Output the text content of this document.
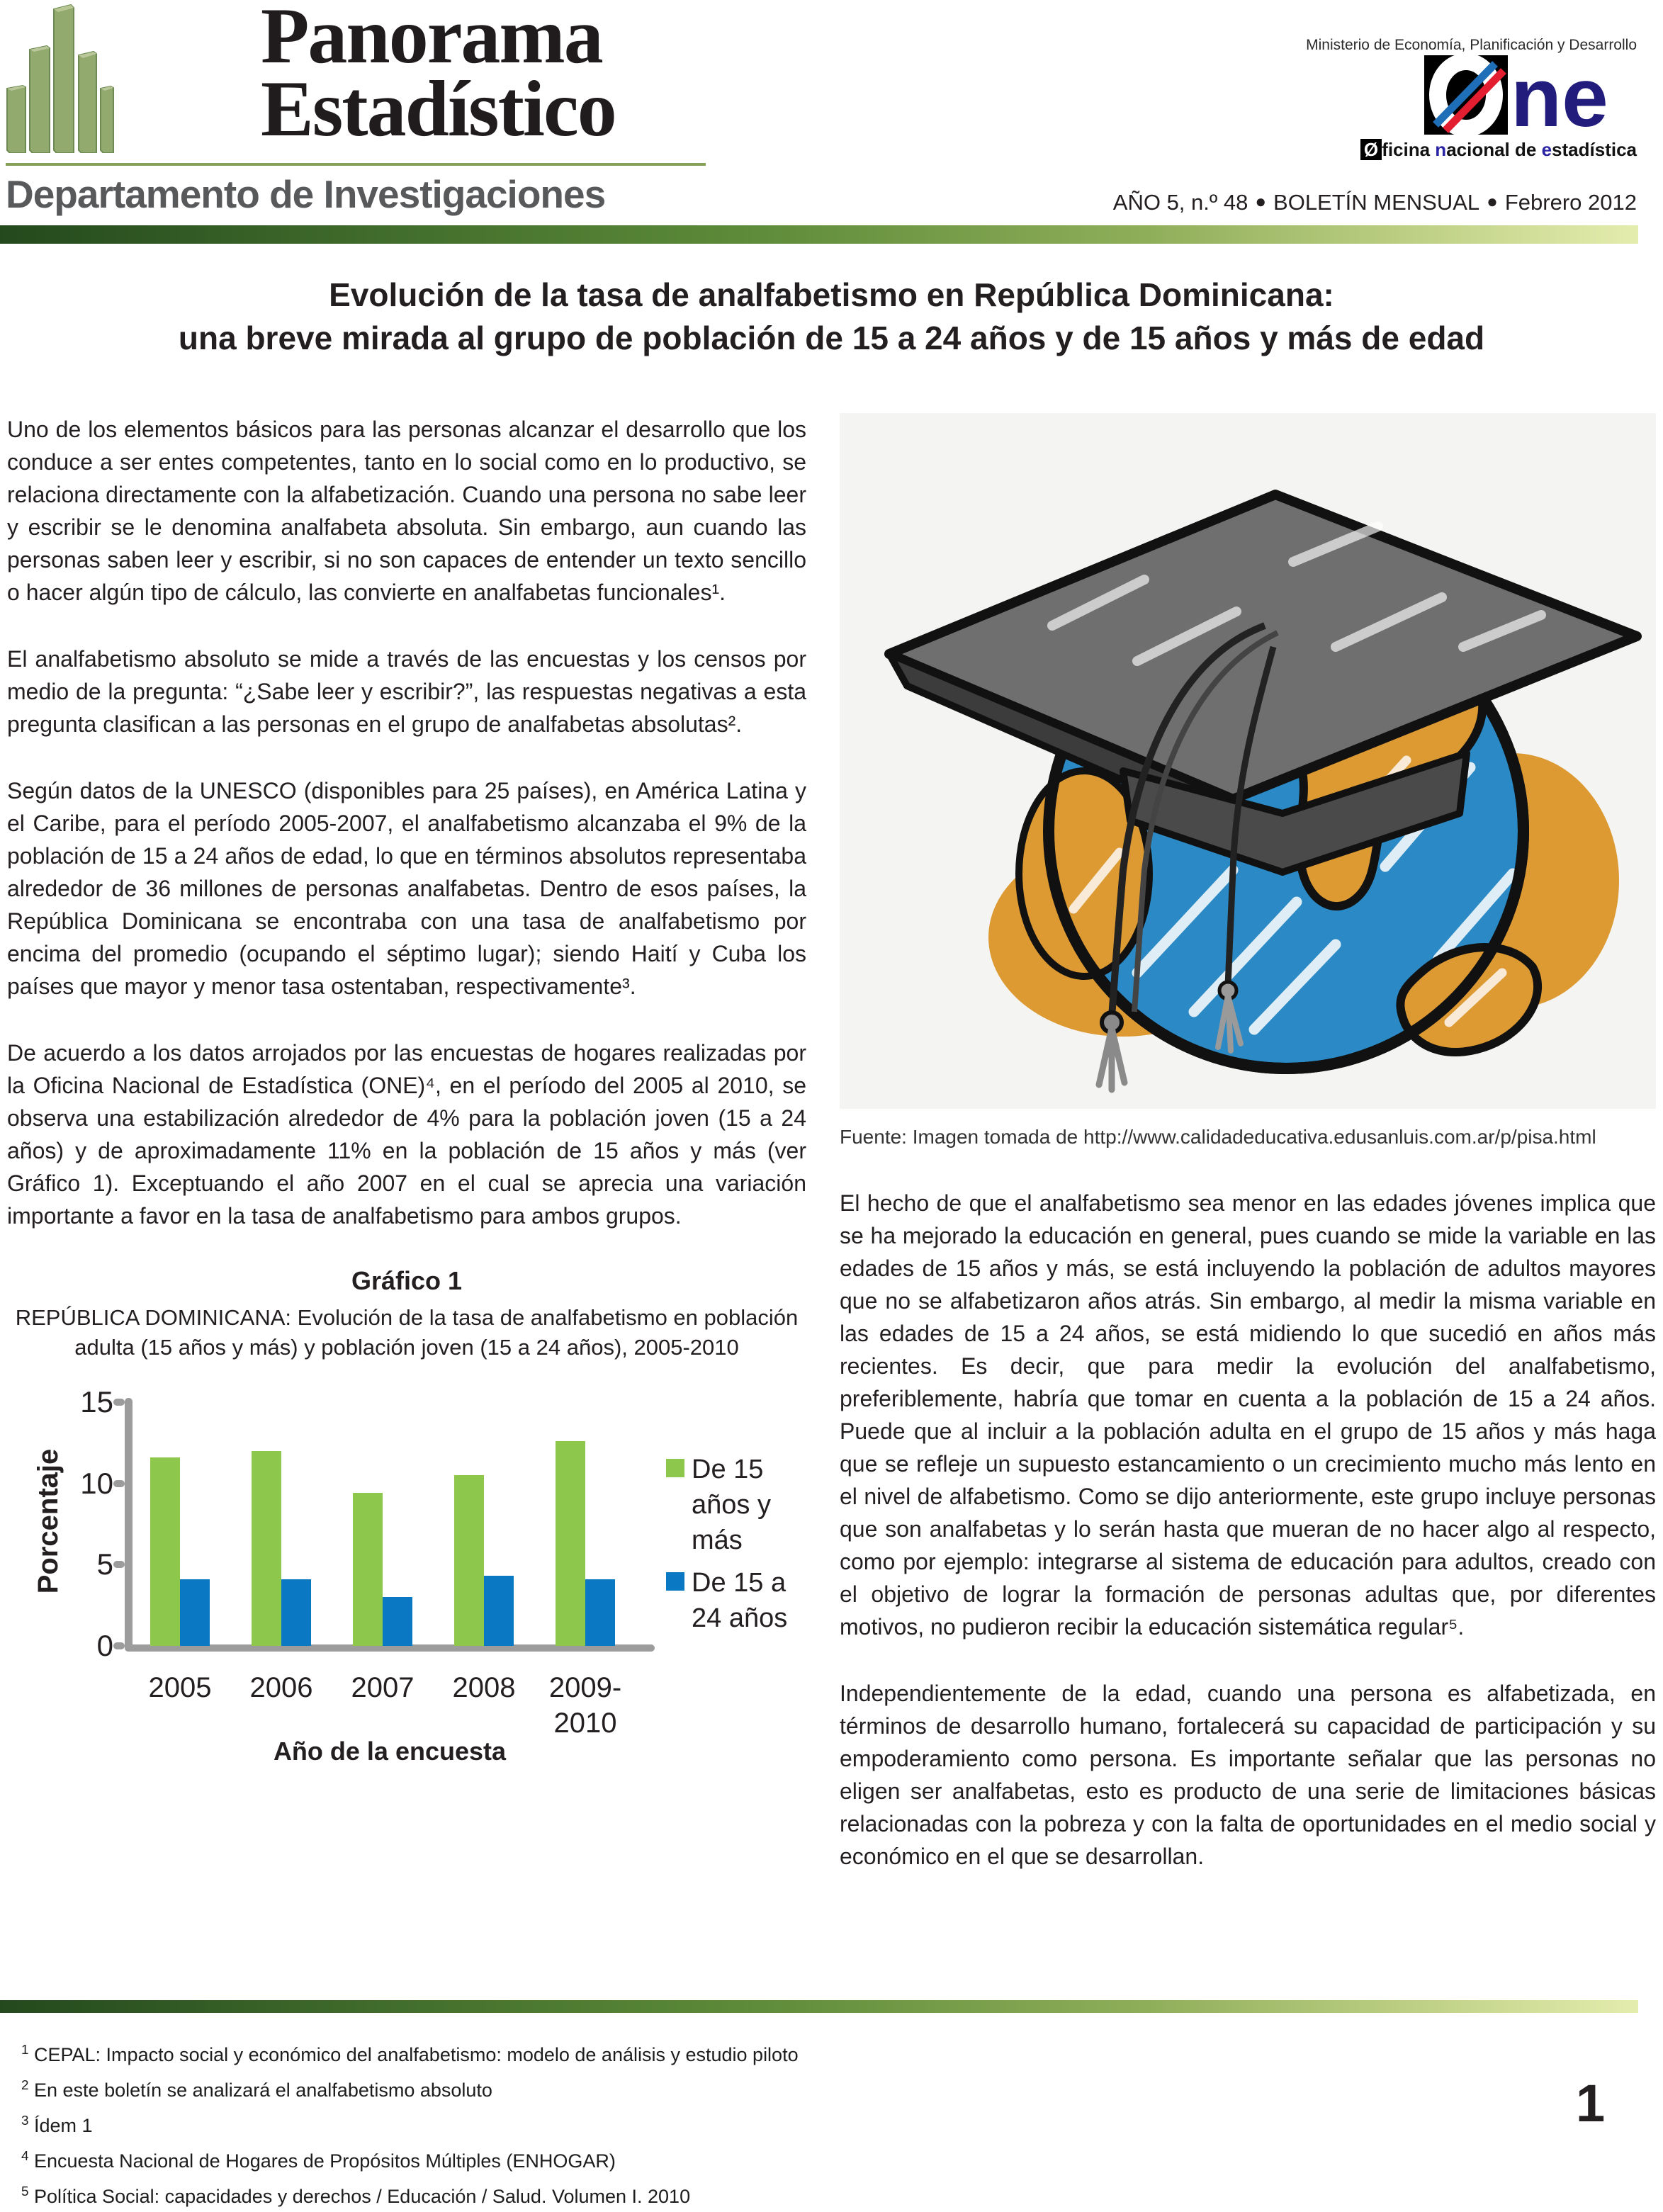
Panorama
Estadístico
Departamento de Investigaciones
Ministerio de Economía, Planificación y Desarrollo
ne
Ø ficina nacional de estadística
AÑO 5, n.º 48 ● BOLETÍN MENSUAL ● Febrero 2012
Evolución de la tasa de analfabetismo en República Dominicana:
una breve mirada al grupo de población de 15 a 24 años y de 15 años y más de edad

Uno de los elementos básicos para las personas alcanzar el desarrollo que los conduce a ser entes competentes, tanto en lo social como en lo productivo, se relaciona directamente con la alfabetización. Cuando una persona no sabe leer y escribir se le denomina analfabeta absoluta. Sin embargo, aun cuando las personas saben leer y escribir, si no son capaces de entender un texto sencillo o hacer algún tipo de cálculo, las convierte en analfabetas funcionales¹.

El analfabetismo absoluto se mide a través de las encuestas y los censos por medio de la pregunta: “¿Sabe leer y escribir?”, las respuestas negativas a esta pregunta clasifican a las personas en el grupo de analfabetas absolutas².

Según datos de la UNESCO (disponibles para 25 países), en América Latina y el Caribe, para el período 2005-2007, el analfabetismo alcanzaba el 9% de la población de 15 a 24 años de edad, lo que en términos absolutos representaba alrededor de 36 millones de personas analfabetas. Dentro de esos países, la República Dominicana se encontraba con una tasa de analfabetismo por encima del promedio (ocupando el séptimo lugar); siendo Haití y Cuba los países que mayor y menor tasa ostentaban, respectivamente³.

De acuerdo a los datos arrojados por las encuestas de hogares realizadas por la Oficina Nacional de Estadística (ONE)⁴, en el período del 2005 al 2010, se observa una estabilización alrededor de 4% para la población joven (15 a 24 años) y de aproximadamente 11% en la población de 15 años y más (ver Gráfico 1). Exceptuando el año 2007 en el cual se aprecia una variación importante a favor en la tasa de analfabetismo para ambos grupos.

Gráfico 1
REPÚBLICA DOMINICANA: Evolución de la tasa de analfabetismo en población adulta (15 años y más) y población joven (15 a 24 años), 2005-2010
Porcentaje
Año de la encuesta
0
5
10
15
2005	2006	2007	2008	2009-2010
De 15 años y más
De 15 a 24 años
Fuente: Imagen tomada de http://www.calidadeducativa.edusanluis.com.ar/p/pisa.html

El hecho de que el analfabetismo sea menor en las edades jóvenes implica que se ha mejorado la educación en general, pues cuando se mide la variable en las edades de 15 años y más, se está incluyendo la población de adultos mayores que no se alfabetizaron años atrás. Sin embargo, al medir la misma variable en las edades de 15 a 24 años, se está midiendo lo que sucedió en años más recientes. Es decir, que para medir la evolución del analfabetismo, preferiblemente, habría que tomar en cuenta a la población de 15 a 24 años. Puede que al incluir a la población adulta en el grupo de 15 años y más haga que se refleje un supuesto estancamiento o un crecimiento mucho más lento en el nivel de alfabetismo. Como se dijo anteriormente, este grupo incluye personas que son analfabetas y lo serán hasta que mueran de no hacer algo al respecto, como por ejemplo: integrarse al sistema de educación para adultos, creado con el objetivo de lograr la formación de personas adultas que, por diferentes motivos, no pudieron recibir la educación sistemática regular⁵.

Independientemente de la edad, cuando una persona es alfabetizada, en términos de desarrollo humano, fortalecerá su capacidad de participación y su empoderamiento como persona. Es importante señalar que las personas no eligen ser analfabetas, esto es producto de una serie de limitaciones básicas relacionadas con la pobreza y con la falta de oportunidades en el medio social y económico en el que se desarrollan.

$^1$ CEPAL: Impacto social y económico del analfabetismo: modelo de análisis y estudio piloto
$^2$ En este boletín se analizará el analfabetismo absoluto
$^3$ Ídem 1
$^4$ Encuesta Nacional de Hogares de Propósitos Múltiples (ENHOGAR)
$^5$ Política Social: capacidades y derechos / Educación / Salud. Volumen I. 2010
1
